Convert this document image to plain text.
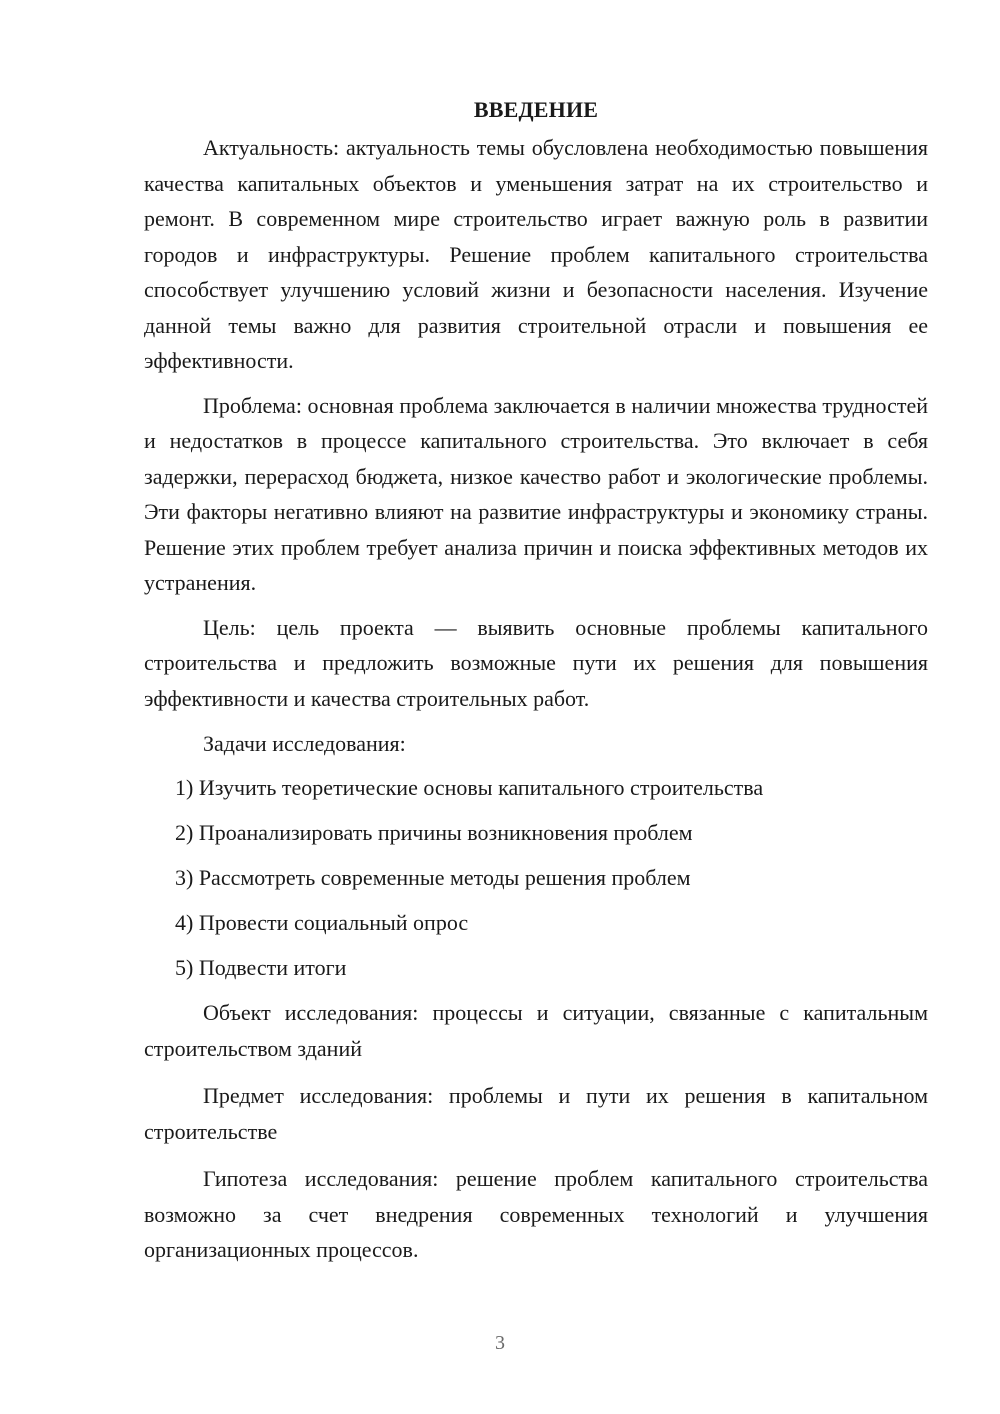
ВВЕДЕНИЕ

Актуальность: актуальность темы обусловлена необходимостью повышения качества капитальных объектов и уменьшения затрат на их строительство и ремонт. В современном мире строительство играет важную роль в развитии городов и инфраструктуры. Решение проблем капитального строительства способствует улучшению условий жизни и безопасности населения. Изучение данной темы важно для развития строительной отрасли и повышения ее эффективности.

Проблема: основная проблема заключается в наличии множества трудностей и недостатков в процессе капитального строительства. Это включает в себя задержки, перерасход бюджета, низкое качество работ и экологические проблемы. Эти факторы негативно влияют на развитие инфраструктуры и экономику страны. Решение этих проблем требует анализа причин и поиска эффективных методов их устранения.

Цель: цель проекта — выявить основные проблемы капитального строительства и предложить возможные пути их решения для повышения эффективности и качества строительных работ.

Задачи исследования:

1) Изучить теоретические основы капитального строительства
2) Проанализировать причины возникновения проблем
3) Рассмотреть современные методы решения проблем
4) Провести социальный опрос
5) Подвести итоги

Объект исследования: процессы и ситуации, связанные с капитальным строительством зданий

Предмет исследования: проблемы и пути их решения в капитальном строительстве

Гипотеза исследования: решение проблем капитального строительства возможно за счет внедрения современных технологий и улучшения организационных процессов.

3
